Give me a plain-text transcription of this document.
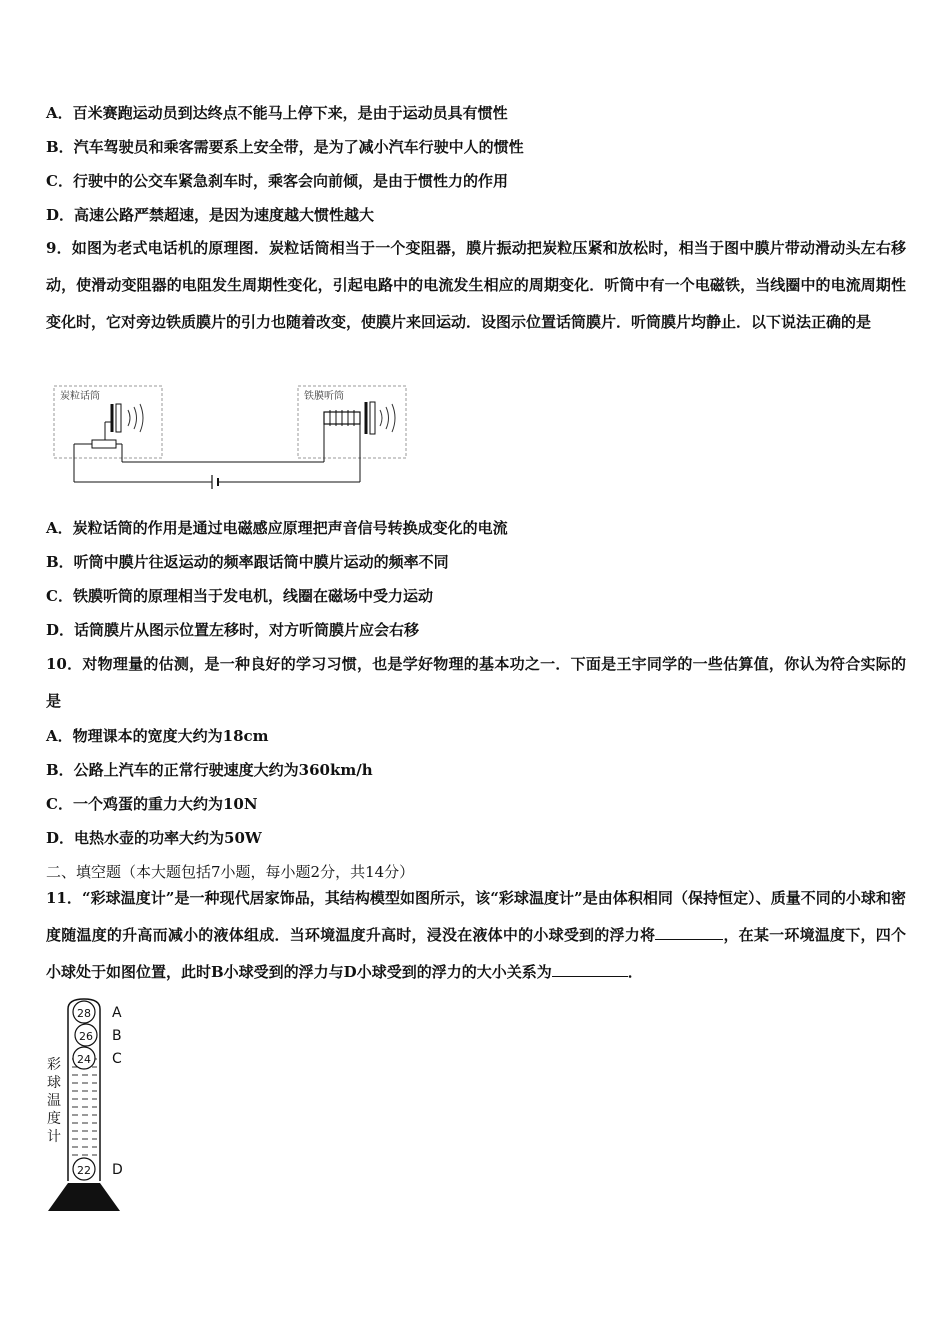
A．百米赛跑运动员到达终点不能马上停下来，是由于运动员具有惯性
B．汽车驾驶员和乘客需要系上安全带，是为了减小汽车行驶中人的惯性
C．行驶中的公交车紧急刹车时，乘客会向前倾，是由于惯性力的作用
D．高速公路严禁超速，是因为速度越大惯性越大
9．如图为老式电话机的原理图．炭粒话筒相当于一个变阻器，膜片振动把炭粒压紧和放松时，相当于图中膜片带动滑动头左右移动，使滑动变阻器的电阻发生周期性变化，引起电路中的电流发生相应的周期变化．听筒中有一个电磁铁，当线圈中的电流周期性变化时，它对旁边铁质膜片的引力也随着改变，使膜片来回运动．设图示位置话筒膜片．听筒膜片均静止．以下说法正确的是
炭粒话筒	铁膜听筒
A．炭粒话筒的作用是通过电磁感应原理把声音信号转换成变化的电流
B．听筒中膜片往返运动的频率跟话筒中膜片运动的频率不同
C．铁膜听筒的原理相当于发电机，线圈在磁场中受力运动
D．话筒膜片从图示位置左移时，对方听筒膜片应会右移
10．对物理量的估测，是一种良好的学习习惯，也是学好物理的基本功之一．下面是王宇同学的一些估算值，你认为符合实际的是
A．物理课本的宽度大约为18cm
B．公路上汽车的正常行驶速度大约为360km/h
C．一个鸡蛋的重力大约为10N
D．电热水壶的功率大约为50W
二、填空题（本大题包括7小题，每小题2分，共14分）
11．“彩球温度计”是一种现代居家饰品，其结构模型如图所示，该“彩球温度计”是由体积相同（保持恒定）、质量不同的小球和密度随温度的升高而减小的液体组成．当环境温度升高时，浸没在液体中的小球受到的浮力将	，在某一环境温度下，四个小球处于如图位置，此时B小球受到的浮力与D小球受到的浮力的大小关系为	．
彩
球
温
度
计
28
26
24
22
A
B
C
D
